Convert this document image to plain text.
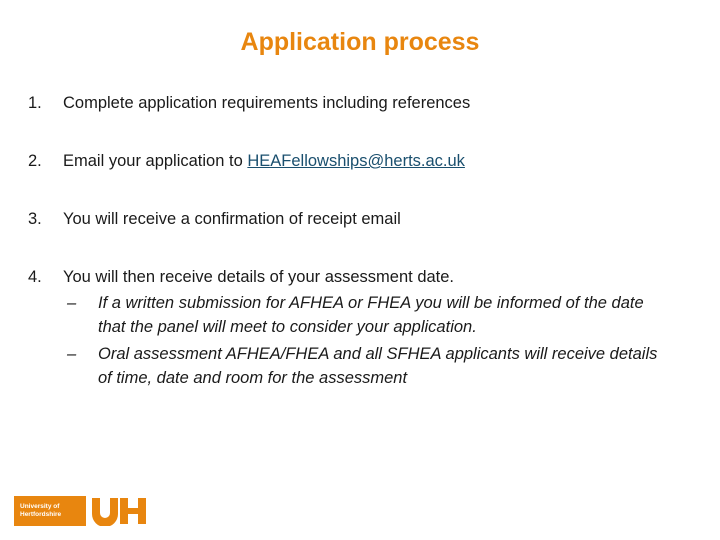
Application process
1.	Complete application requirements including references
2.	Email your application to HEAFellowships@herts.ac.uk
3.	You will receive a confirmation of receipt email
4.	You will then receive details of your assessment date.
–	If a written submission for AFHEA or FHEA you will be informed of the date that the panel will meet to consider your application.
–	Oral assessment AFHEA/FHEA and all SFHEA applicants will receive details of time, date and room for the assessment
University of
Hertfordshire
